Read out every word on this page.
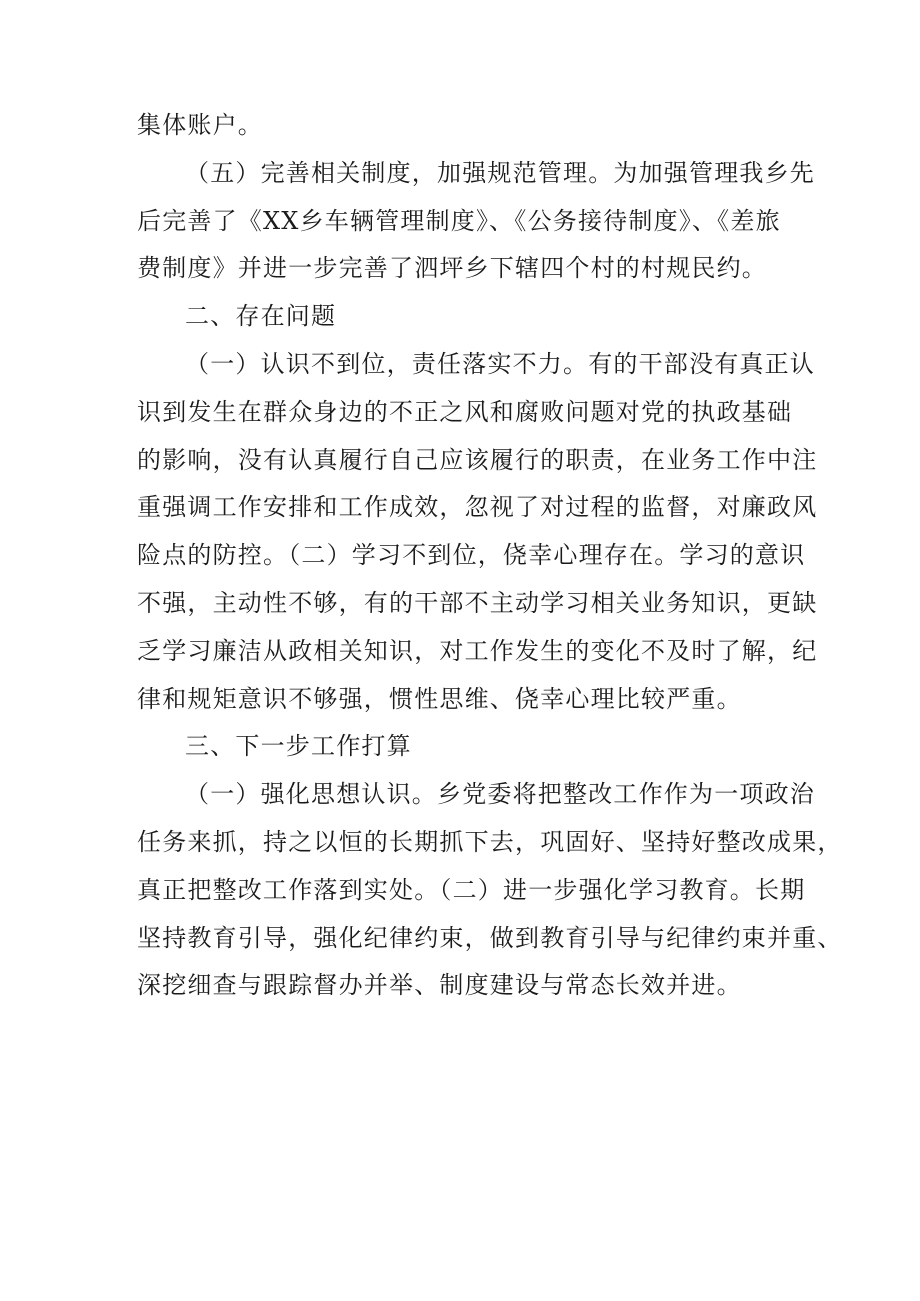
集体账户。
（五）完善相关制度，加强规范管理。为加强管理我乡先
后完善了《XX乡车辆管理制度》、《公务接待制度》、《差旅
费制度》并进一步完善了泗坪乡下辖四个村的村规民约。
二、存在问题
（一）认识不到位，责任落实不力。有的干部没有真正认
识到发生在群众身边的不正之风和腐败问题对党的执政基础
的影响，没有认真履行自己应该履行的职责，在业务工作中注
重强调工作安排和工作成效，忽视了对过程的监督，对廉政风
险点的防控。（二）学习不到位，侥幸心理存在。学习的意识
不强，主动性不够，有的干部不主动学习相关业务知识，更缺
乏学习廉洁从政相关知识，对工作发生的变化不及时了解，纪
律和规矩意识不够强，惯性思维、侥幸心理比较严重。
三、下一步工作打算
（一）强化思想认识。乡党委将把整改工作作为一项政治
任务来抓，持之以恒的长期抓下去，巩固好、坚持好整改成果，
真正把整改工作落到实处。（二）进一步强化学习教育。长期
坚持教育引导，强化纪律约束，做到教育引导与纪律约束并重、
深挖细查与跟踪督办并举、制度建设与常态长效并进。
